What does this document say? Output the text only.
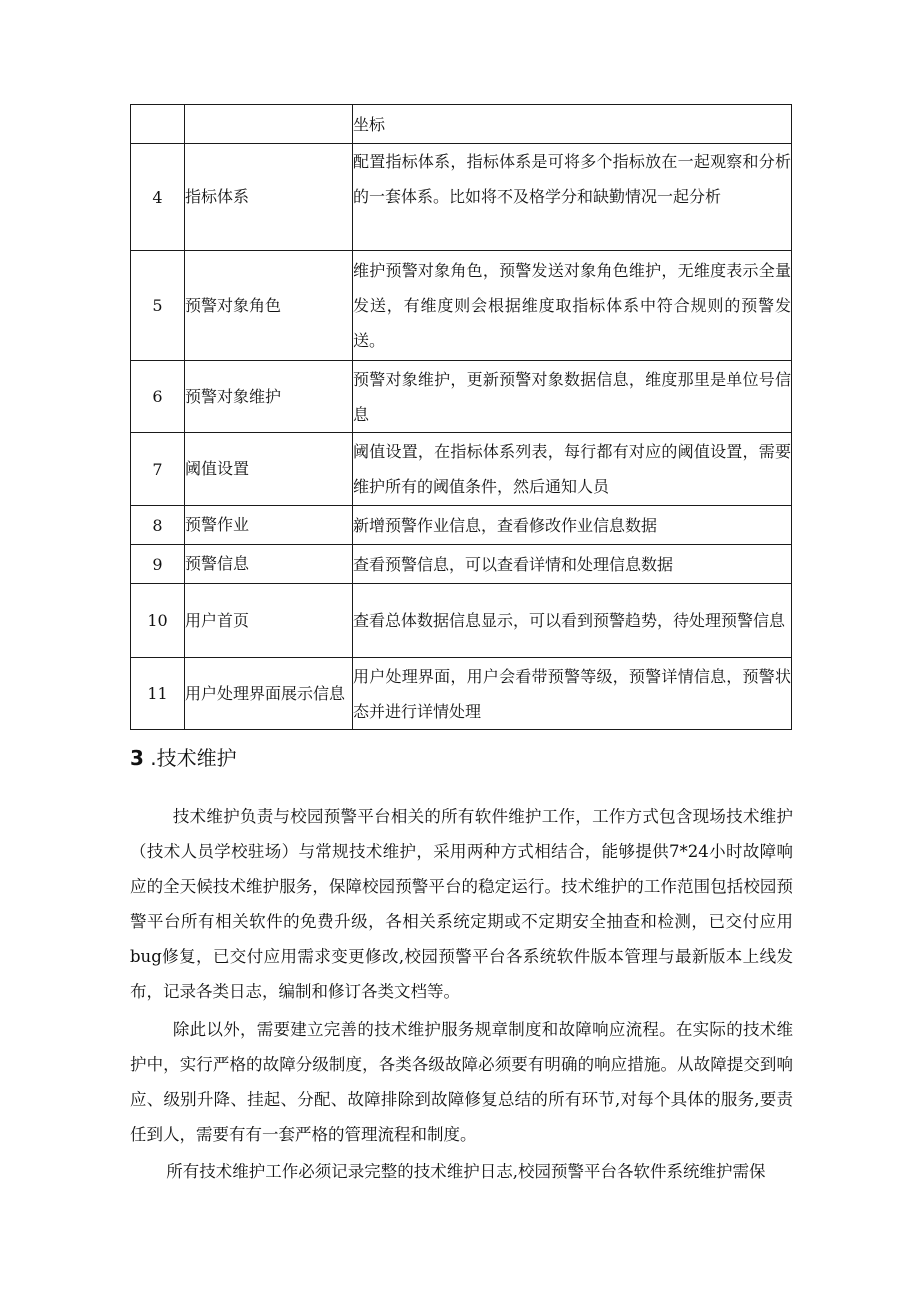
		坐标
4	指标体系	配置指标体系，指标体系是可将多个指标放在一起观察和分析的一套体系。比如将不及格学分和缺勤情况一起分析
5	预警对象角色	维护预警对象角色，预警发送对象角色维护，无维度表示全量发送，有维度则会根据维度取指标体系中符合规则的预警发送。
6	预警对象维护	预警对象维护，更新预警对象数据信息，维度那里是单位号信息
7	阈值设置	阈值设置，在指标体系列表，每行都有对应的阈值设置，需要维护所有的阈值条件，然后通知人员
8	预警作业	新增预警作业信息，查看修改作业信息数据
9	预警信息	查看预警信息，可以查看详情和处理信息数据
10	用户首页	查看总体数据信息显示，可以看到预警趋势，待处理预警信息
11	用户处理界面展示信息	用户处理界面，用户会看带预警等级，预警详情信息，预警状态并进行详情处理
3 .技术维护

技术维护负责与校园预警平台相关的所有软件维护工作，工作方式包含现场技术维护（技术人员学校驻场）与常规技术维护，采用两种方式相结合，能够提供7*24小时故障响应的全天候技术维护服务，保障校园预警平台的稳定运行。技术维护的工作范围包括校园预警平台所有相关软件的免费升级，各相关系统定期或不定期安全抽查和检测，已交付应用bug修复，已交付应用需求变更修改,校园预警平台各系统软件版本管理与最新版本上线发布，记录各类日志，编制和修订各类文档等。

除此以外，需要建立完善的技术维护服务规章制度和故障响应流程。在实际的技术维护中，实行严格的故障分级制度，各类各级故障必须要有明确的响应措施。从故障提交到响应、级别升降、挂起、分配、故障排除到故障修复总结的所有环节,对每个具体的服务,要责任到人，需要有有一套严格的管理流程和制度。

所有技术维护工作必须记录完整的技术维护日志,校园预警平台各软件系统维护需保
